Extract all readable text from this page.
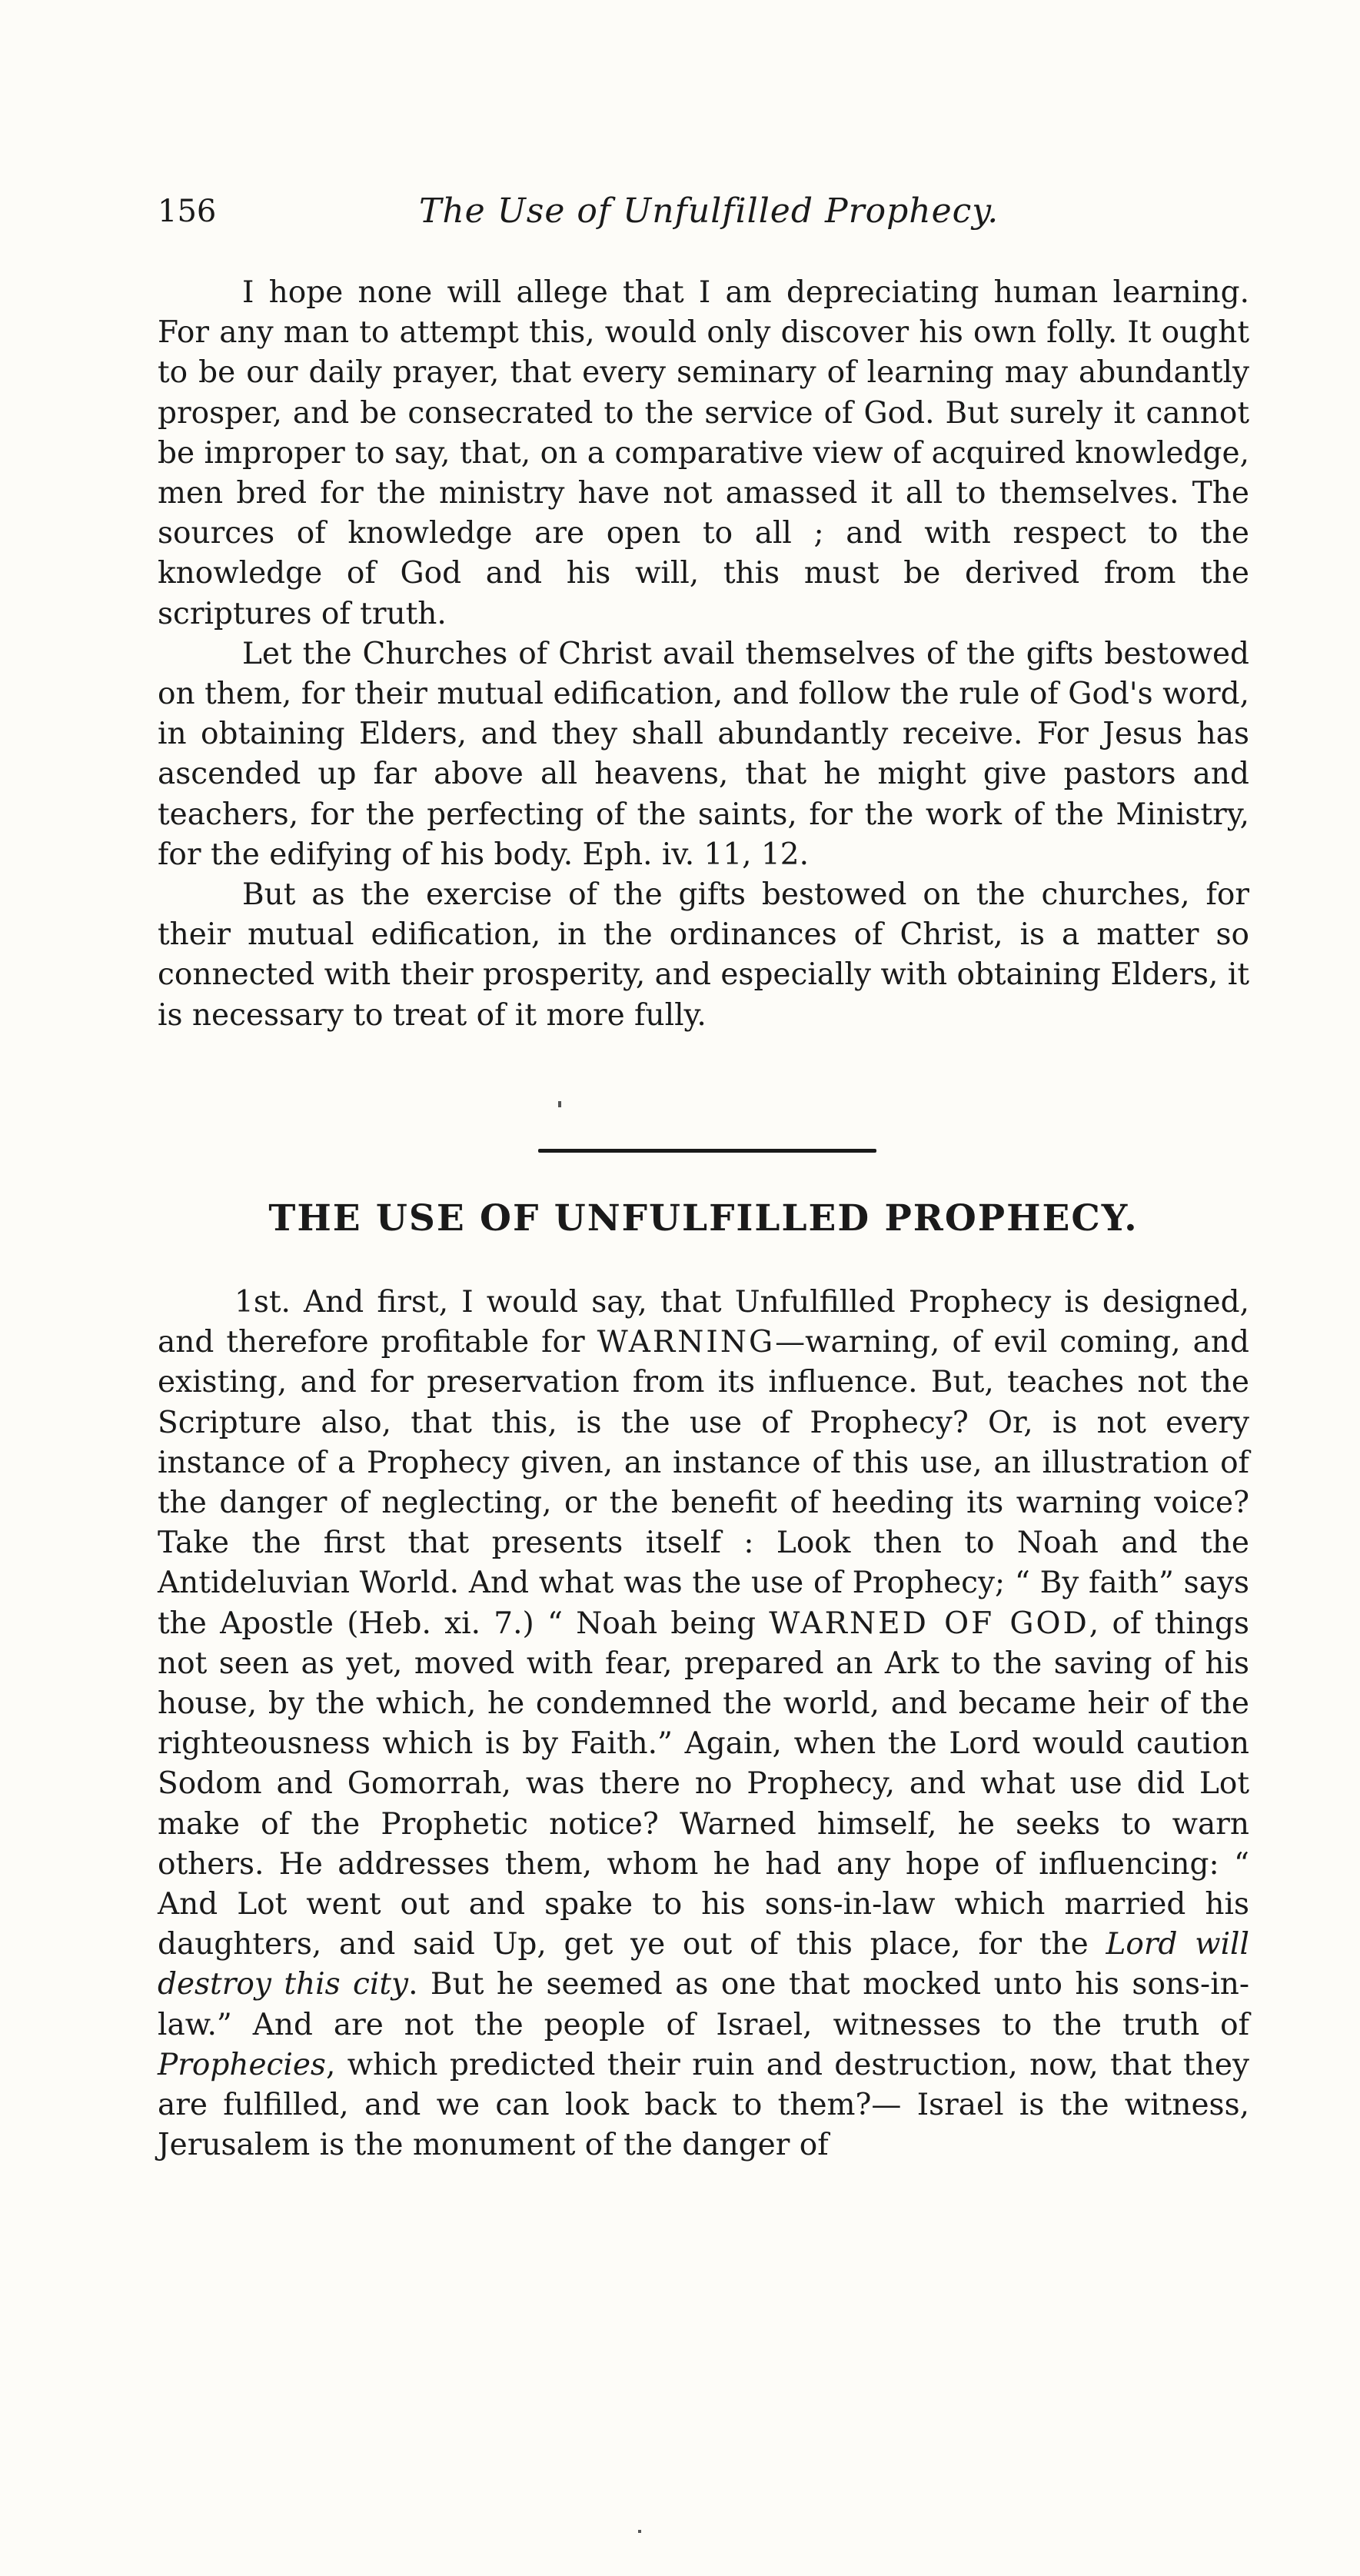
156	The Use of Unfulfilled Prophecy.

I hope none will allege that I am depreciating human learning. For any man to attempt this, would only discover his own folly. It ought to be our daily prayer, that every seminary of learning may abundantly prosper, and be consecrated to the service of God. But surely it cannot be improper to say, that, on a comparative view of acquired knowledge, men bred for the ministry have not amassed it all to themselves. The sources of knowledge are open to all ; and with respect to the knowledge of God and his will, this must be derived from the scriptures of truth.

Let the Churches of Christ avail themselves of the gifts bestowed on them, for their mutual edification, and follow the rule of God's word, in obtaining Elders, and they shall abundantly receive. For Jesus has ascended up far above all heavens, that he might give pastors and teachers, for the perfecting of the saints, for the work of the Ministry, for the edifying of his body. Eph. iv. 11, 12.

But as the exercise of the gifts bestowed on the churches, for their mutual edification, in the ordinances of Christ, is a matter so connected with their prosperity, and especially with obtaining Elders, it is necessary to treat of it more fully.

THE USE OF UNFULFILLED PROPHECY.

1st. And first, I would say, that Unfulfilled Prophecy is designed, and therefore profitable for WARNING—warning, of evil coming, and existing, and for preservation from its influence. But, teaches not the Scripture also, that this, is the use of Prophecy? Or, is not every instance of a Prophecy given, an instance of this use, an illustration of the danger of neglecting, or the benefit of heeding its warning voice? Take the first that presents itself : Look then to Noah and the Antideluvian World. And what was the use of Prophecy; “ By faith” says the Apostle (Heb. xi. 7.) “ Noah being WARNED OF GOD, of things not seen as yet, moved with fear, prepared an Ark to the saving of his house, by the which, he condemned the world, and became heir of the righteousness which is by Faith.” Again, when the Lord would caution Sodom and Gomorrah, was there no Prophecy, and what use did Lot make of the Prophetic notice? Warned himself, he seeks to warn others. He addresses them, whom he had any hope of influencing: “ And Lot went out and spake to his sons-in-law which married his daughters, and said Up, get ye out of this place, for the Lord will destroy this city. But he seemed as one that mocked unto his sons-in-law.” And are not the people of Israel, witnesses to the truth of Prophecies, which predicted their ruin and destruction, now, that they are fulfilled, and we can look back to them?— Israel is the witness, Jerusalem is the monument of the danger of
